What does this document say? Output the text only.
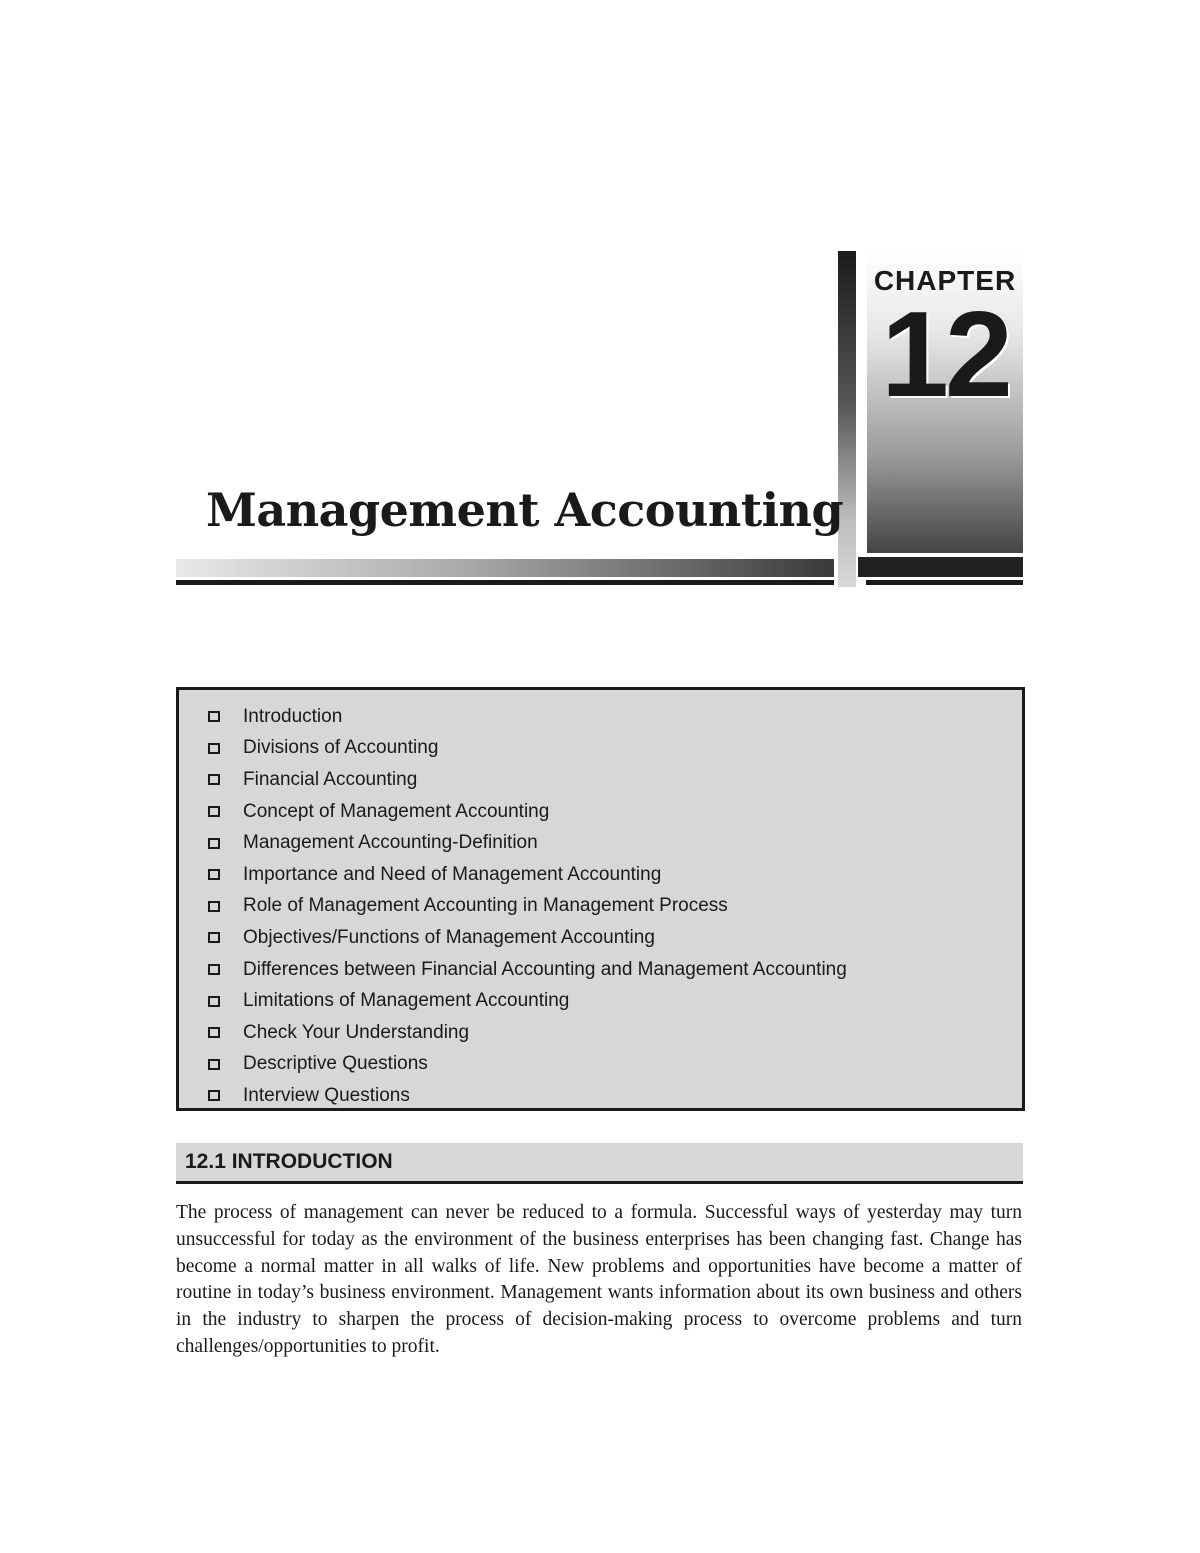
CHAPTER
12
Management Accounting
Introduction
Divisions of Accounting
Financial Accounting
Concept of Management Accounting
Management Accounting-Definition
Importance and Need of Management Accounting
Role of Management Accounting in Management Process
Objectives/Functions of Management Accounting
Differences between Financial Accounting and Management Accounting
Limitations of Management Accounting
Check Your Understanding
Descriptive Questions
Interview Questions
12.1 INTRODUCTION

The process of management can never be reduced to a formula. Successful ways of yesterday may turn unsuccessful for today as the environment of the business enterprises has been changing fast. Change has become a normal matter in all walks of life. New problems and opportunities have become a matter of routine in today’s business environment. Management wants information about its own business and others in the industry to sharpen the process of decision-making process to overcome problems and turn challenges/opportunities to profit.
